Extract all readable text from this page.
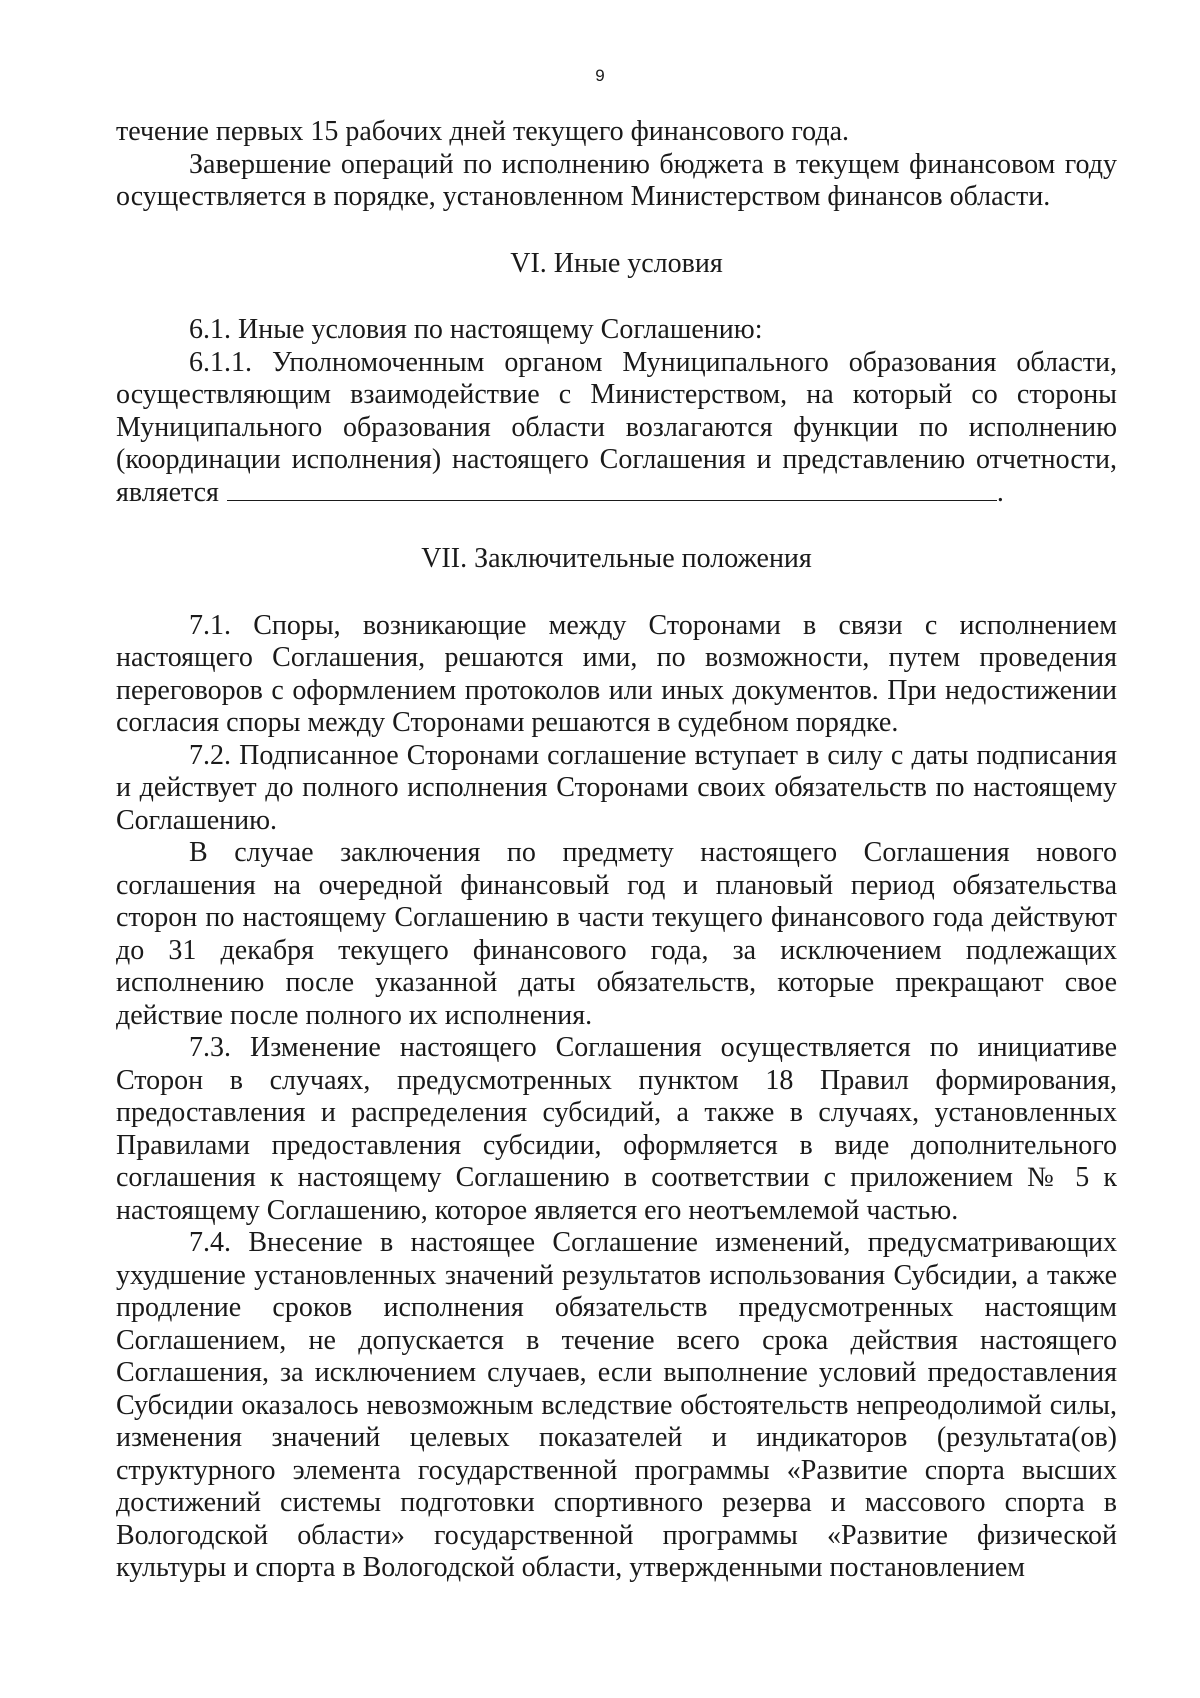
9

течение первых 15 рабочих дней текущего финансового года.

Завершение операций по исполнению бюджета в текущем финансовом году осуществляется в порядке, установленном Министерством финансов области.

VI. Иные условия

6.1. Иные условия по настоящему Соглашению:

6.1.1. Уполномоченным органом Муниципального образования области, осуществляющим взаимодействие с Министерством, на который со стороны Муниципального образования области возлагаются функции по исполнению (координации исполнения) настоящего Соглашения и представлению отчетности, является	.

VII. Заключительные положения

7.1. Споры, возникающие между Сторонами в связи с исполнением настоящего Соглашения, решаются ими, по возможности, путем проведения переговоров с оформлением протоколов или иных документов. При недостижении согласия споры между Сторонами решаются в судебном порядке.

7.2. Подписанное Сторонами соглашение вступает в силу с даты подписания и действует до полного исполнения Сторонами своих обязательств по настоящему Соглашению.

В случае заключения по предмету настоящего Соглашения нового соглашения на очередной финансовый год и плановый период обязательства сторон по настоящему Соглашению в части текущего финансового года действуют до 31 декабря текущего финансового года, за исключением подлежащих исполнению после указанной даты обязательств, которые прекращают свое действие после полного их исполнения.

7.3. Изменение настоящего Соглашения осуществляется по инициативе Сторон в случаях, предусмотренных пунктом 18 Правил формирования, предоставления и распределения субсидий, а также в случаях, установленных Правилами предоставления субсидии, оформляется в виде дополнительного соглашения к настоящему Соглашению в соответствии с приложением № 5 к настоящему Соглашению, которое является его неотъемлемой частью.

7.4. Внесение в настоящее Соглашение изменений, предусматривающих ухудшение установленных значений результатов использования Субсидии, а также продление сроков исполнения обязательств предусмотренных настоящим Соглашением, не допускается в течение всего срока действия настоящего Соглашения, за исключением случаев, если выполнение условий предоставления Субсидии оказалось невозможным вследствие обстоятельств непреодолимой силы, изменения значений целевых показателей и индикаторов (результата(ов) структурного элемента государственной программы «Развитие спорта высших достижений системы подготовки спортивного резерва и массового спорта в Вологодской области» государственной программы «Развитие физической культуры и спорта в Вологодской области, утвержденными постановлением
